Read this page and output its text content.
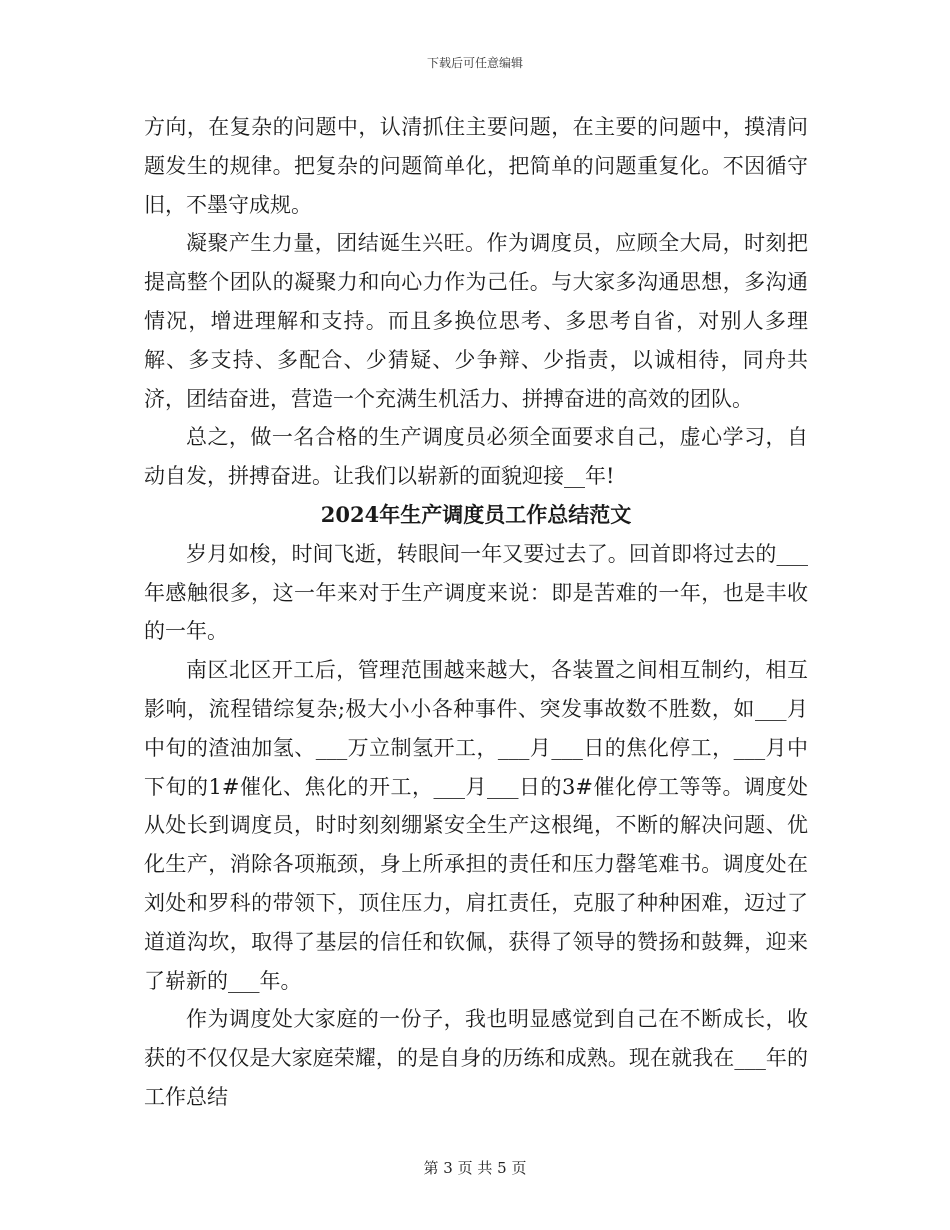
下载后可任意编辑

方向，在复杂的问题中，认清抓住主要问题，在主要的问题中，摸清问题发生的规律。把复杂的问题简单化，把简单的问题重复化。不因循守旧，不墨守成规。

凝聚产生力量，团结诞生兴旺。作为调度员，应顾全大局，时刻把提高整个团队的凝聚力和向心力作为己任。与大家多沟通思想，多沟通情况，增进理解和支持。而且多换位思考、多思考自省，对别人多理解、多支持、多配合、少猜疑、少争辩、少指责，以诚相待，同舟共济，团结奋进，营造一个充满生机活力、拼搏奋进的高效的团队。

总之，做一名合格的生产调度员必须全面要求自己，虚心学习，自动自发，拼搏奋进。让我们以崭新的面貌迎接__年!

2024年生产调度员工作总结范文

岁月如梭，时间飞逝，转眼间一年又要过去了。回首即将过去的___年感触很多，这一年来对于生产调度来说：即是苦难的一年，也是丰收的一年。

南区北区开工后，管理范围越来越大，各装置之间相互制约，相互影响，流程错综复杂;极大小小各种事件、突发事故数不胜数，如___月中旬的渣油加氢、___万立制氢开工，___月___日的焦化停工，___月中下旬的1#催化、焦化的开工，___月___日的3#催化停工等等。调度处从处长到调度员，时时刻刻绷紧安全生产这根绳，不断的解决问题、优化生产，消除各项瓶颈，身上所承担的责任和压力罄笔难书。调度处在刘处和罗科的带领下，顶住压力，肩扛责任，克服了种种困难，迈过了道道沟坎，取得了基层的信任和钦佩，获得了领导的赞扬和鼓舞，迎来了崭新的___年。

作为调度处大家庭的一份子，我也明显感觉到自己在不断成长，收获的不仅仅是大家庭荣耀，的是自身的历练和成熟。现在就我在___年的工作总结

第 3 页 共 5 页
